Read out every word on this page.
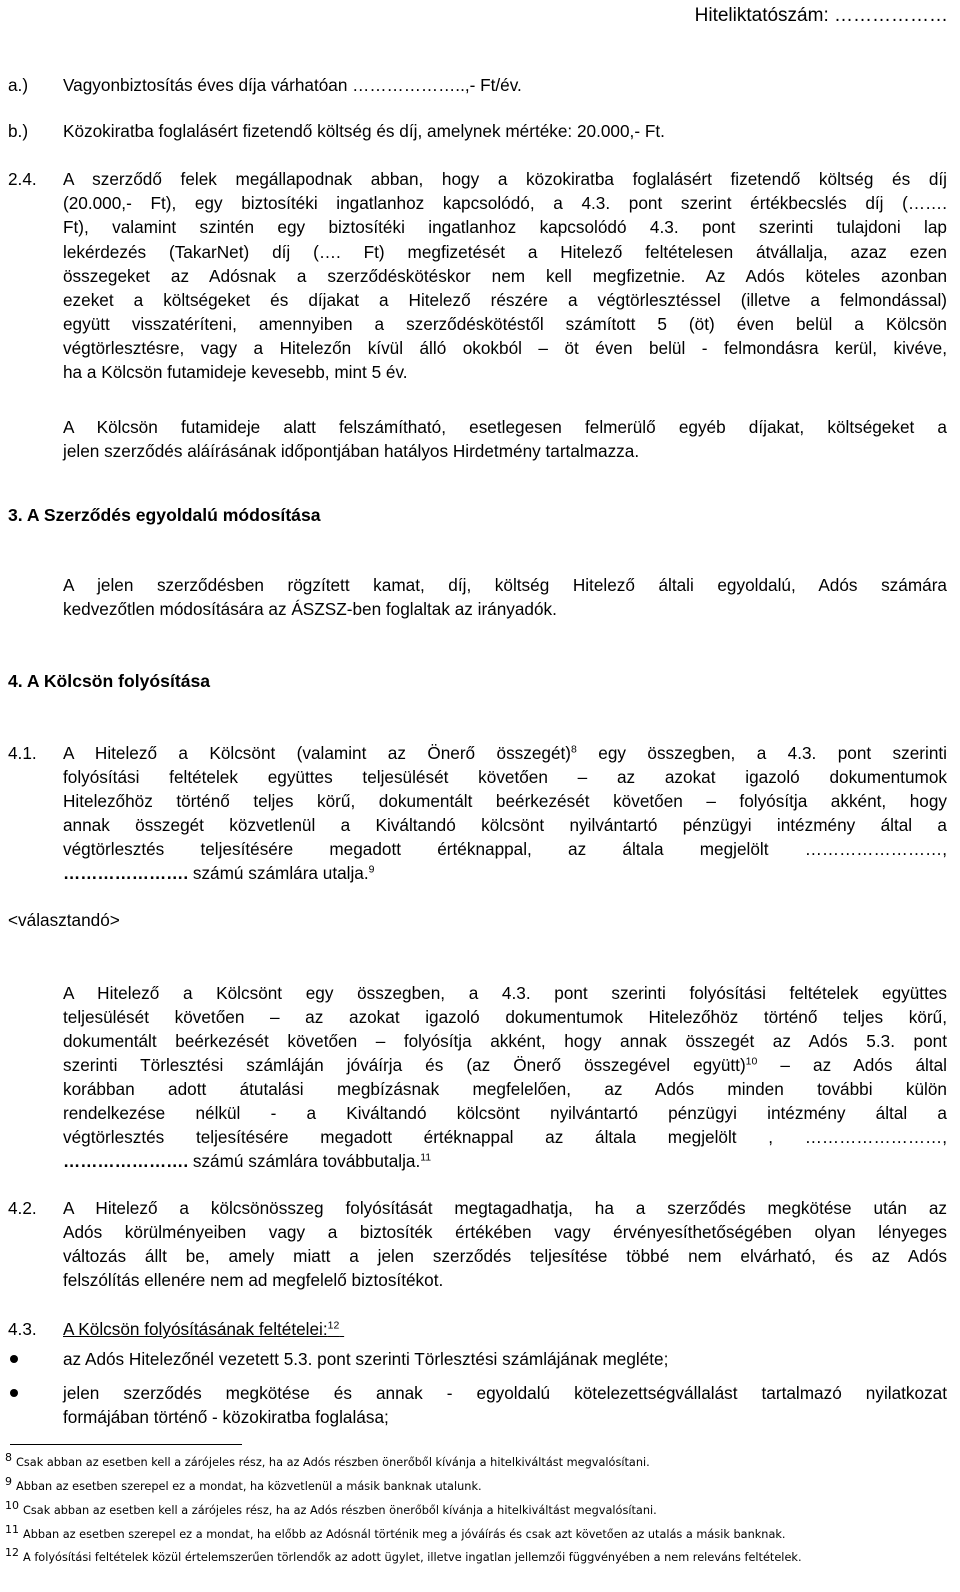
Hiteliktatószám: ………………
a.) Vagyonbiztosítás éves díja várhatóan ………………..,- Ft/év.
b.) Közokiratba foglalásért fizetendő költség és díj, amelynek mértéke: 20.000,- Ft.
2.4. A szerződő felek megállapodnak abban, hogy a közokiratba foglalásért fizetendő költség és díj
(20.000,- Ft), egy biztosítéki ingatlanhoz kapcsolódó, a 4.3. pont szerint értékbecslés díj (…….
Ft), valamint szintén egy biztosítéki ingatlanhoz kapcsolódó 4.3. pont szerinti tulajdoni lap
lekérdezés (TakarNet) díj (…. Ft) megfizetését a Hitelező feltételesen átvállalja, azaz ezen
összegeket az Adósnak a szerződéskötéskor nem kell megfizetnie. Az Adós köteles azonban
ezeket a költségeket és díjakat a Hitelező részére a végtörlesztéssel (illetve a felmondással)
együtt visszatéríteni, amennyiben a szerződéskötéstől számított 5 (öt) éven belül a Kölcsön
végtörlesztésre, vagy a Hitelezőn kívül álló okokból – öt éven belül - felmondásra kerül, kivéve,
ha a Kölcsön futamideje kevesebb, mint 5 év.
A Kölcsön futamideje alatt felszámítható, esetlegesen felmerülő egyéb díjakat, költségeket a
jelen szerződés aláírásának időpontjában hatályos Hirdetmény tartalmazza.
3. A Szerződés egyoldalú módosítása
A jelen szerződésben rögzített kamat, díj, költség Hitelező általi egyoldalú, Adós számára
kedvezőtlen módosítására az ÁSZSZ-ben foglaltak az irányadók.
4. A Kölcsön folyósítása
4.1. A Hitelező a Kölcsönt (valamint az Önerő összegét)$^8$ egy összegben, a 4.3. pont szerinti
folyósítási feltételek együttes teljesülését követően – az azokat igazoló dokumentumok
Hitelezőhöz történő teljes körű, dokumentált beérkezését követően – folyósítja akként, hogy
annak összegét közvetlenül a Kiváltandó kölcsönt nyilvántartó pénzügyi intézmény által a
végtörlesztés teljesítésére megadott értéknappal, az általa megjelölt ……………………,
…………………. számú számlára utalja.$^9$
<választandó>
A Hitelező a Kölcsönt egy összegben, a 4.3. pont szerinti folyósítási feltételek együttes
teljesülését követően – az azokat igazoló dokumentumok Hitelezőhöz történő teljes körű,
dokumentált beérkezését követően – folyósítja akként, hogy annak összegét az Adós 5.3. pont
szerinti Törlesztési számláján jóváírja és (az Önerő összegével együtt)$^{10}$ – az Adós által
korábban adott átutalási megbízásnak megfelelően, az Adós minden további külön
rendelkezése nélkül - a Kiváltandó kölcsönt nyilvántartó pénzügyi intézmény által a
végtörlesztés teljesítésére megadott értéknappal az általa megjelölt , ……………………,
…………………. számú számlára továbbutalja.$^{11}$
4.2. A Hitelező a kölcsönösszeg folyósítását megtagadhatja, ha a szerződés megkötése után az
Adós körülményeiben vagy a biztosíték értékében vagy érvényesíthetőségében olyan lényeges
változás állt be, amely miatt a jelen szerződés teljesítése többé nem elvárható, és az Adós
felszólítás ellenére nem ad megfelelő biztosítékot.
4.3. A Kölcsön folyósításának feltételei:$^{12}$
az Adós Hitelezőnél vezetett 5.3. pont szerinti Törlesztési számlájának megléte;
jelen szerződés megkötése és annak - egyoldalú kötelezettségvállalást tartalmazó nyilatkozat
formájában történő - közokiratba foglalása;
8 Csak abban az esetben kell a zárójeles rész, ha az Adós részben önerőből kívánja a hitelkiváltást megvalósítani.
9 Abban az esetben szerepel ez a mondat, ha közvetlenül a másik banknak utalunk.
10 Csak abban az esetben kell a zárójeles rész, ha az Adós részben önerőből kívánja a hitelkiváltást megvalósítani.
11 Abban az esetben szerepel ez a mondat, ha előbb az Adósnál történik meg a jóváírás és csak azt követően az utalás a másik banknak.
12 A folyósítási feltételek közül értelemszerűen törlendők az adott ügylet, illetve ingatlan jellemzői függvényében a nem releváns feltételek.
